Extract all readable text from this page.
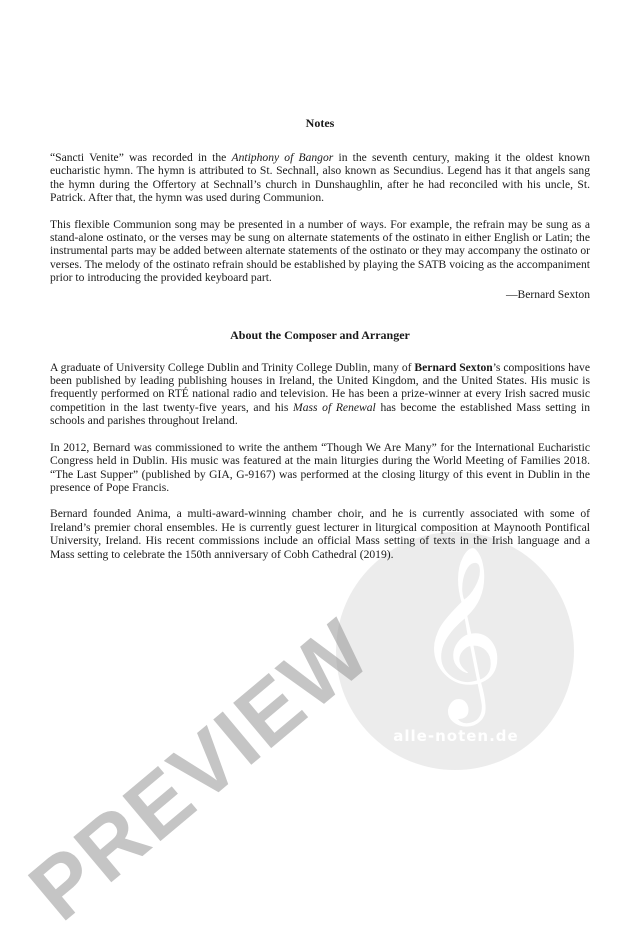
𝄞
alle-noten.de
Notes

“Sancti Venite” was recorded in the Antiphony of Bangor in the seventh century, making it the oldest known eucharistic hymn. The hymn is attributed to St. Sechnall, also known as Secundius. Legend has it that angels sang the hymn during the Offertory at Sechnall’s church in Dunshaughlin, after he had reconciled with his uncle, St. Patrick. After that, the hymn was used during Communion.

This flexible Communion song may be presented in a number of ways. For example, the refrain may be sung as a stand-alone ostinato, or the verses may be sung on alternate statements of the ostinato in either English or Latin; the instrumental parts may be added between alternate statements of the ostinato or they may accompany the ostinato or verses. The melody of the ostinato refrain should be established by playing the SATB voicing as the accompaniment prior to introducing the provided keyboard part.

—Bernard Sexton
About the Composer and Arranger

A graduate of University College Dublin and Trinity College Dublin, many of Bernard Sexton’s compositions have been published by leading publishing houses in Ireland, the United Kingdom, and the United States. His music is frequently performed on RTÉ national radio and television. He has been a prize-winner at every Irish sacred music competition in the last twenty-five years, and his Mass of Renewal has become the established Mass setting in schools and parishes throughout Ireland.

In 2012, Bernard was commissioned to write the anthem “Though We Are Many” for the International Eucharistic Congress held in Dublin. His music was featured at the main liturgies during the World Meeting of Families 2018. “The Last Supper” (published by GIA, G-9167) was performed at the closing liturgy of this event in Dublin in the presence of Pope Francis.

Bernard founded Anima, a multi-award-winning chamber choir, and he is currently associated with some of Ireland’s premier choral ensembles. He is currently guest lecturer in liturgical composition at Maynooth Pontifical University, Ireland. His recent commissions include an official Mass setting of texts in the Irish language and a Mass setting to celebrate the 150th anniversary of Cobh Cathedral (2019).

PREVIEW
